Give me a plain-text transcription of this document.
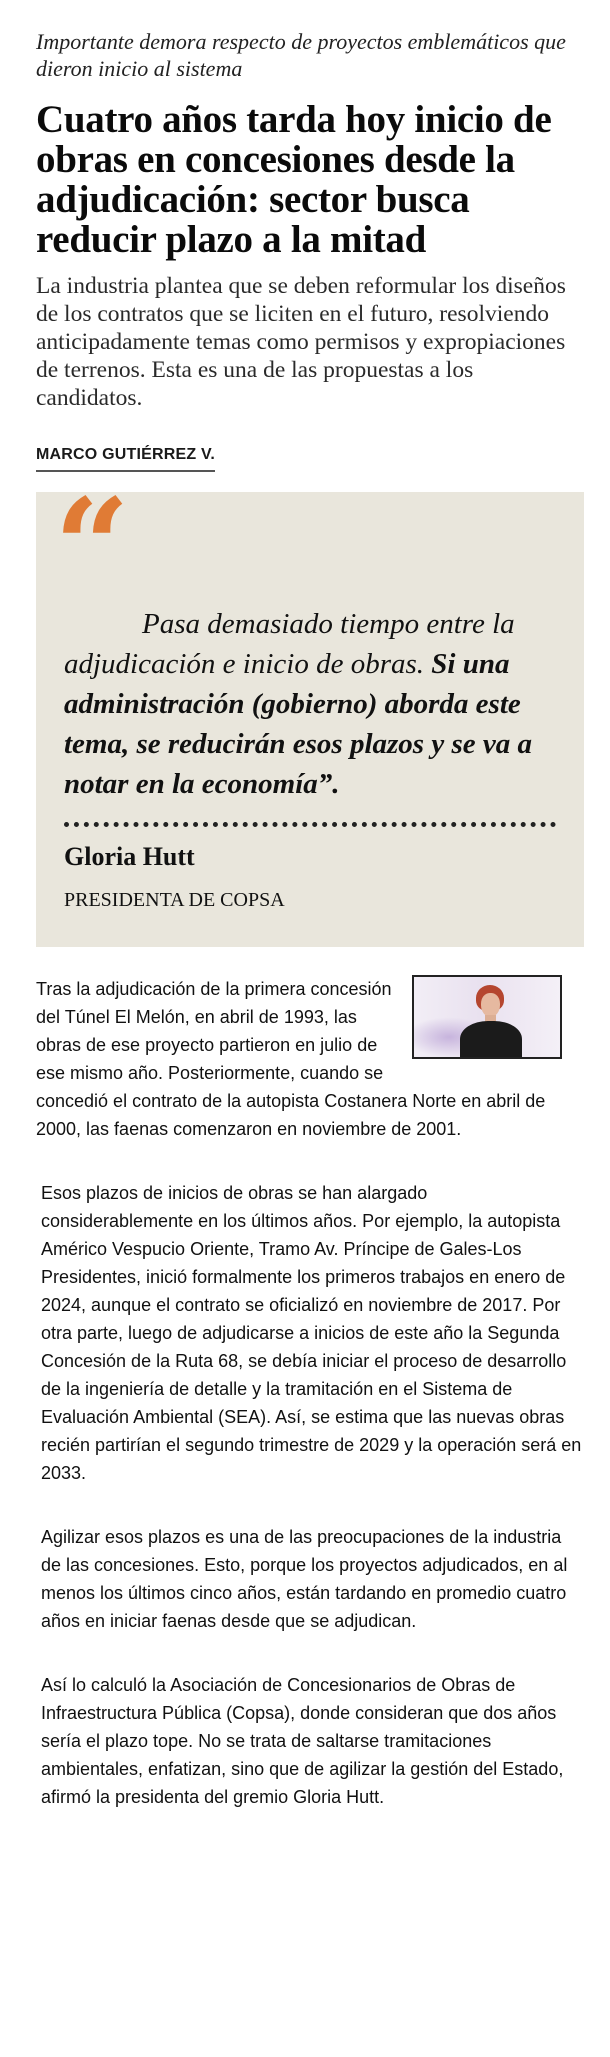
Importante demora respecto de proyectos emblemáticos que dieron inicio al sistema

Cuatro años tarda hoy inicio de obras en concesiones desde la adjudicación: sector busca reducir plazo a la mitad

La industria plantea que se deben reformular los diseños de los contratos que se liciten en el futuro, resolviendo anticipadamente temas como permisos y expropiaciones de terrenos. Esta es una de las propuestas a los candidatos.

MARCO GUTIÉRREZ V.
“ Pasa demasiado tiempo entre la adjudicación e inicio de obras. Si una administración (gobierno) aborda este tema, se reducirán esos plazos y se va a notar en la economía”.

Gloria Hutt

PRESIDENTA DE COPSA

Tras la adjudicación de la primera concesión del Túnel El Melón, en abril de 1993, las obras de ese proyecto partieron en julio de ese mismo año. Posteriormente, cuando se concedió el contrato de la autopista Costanera Norte en abril de 2000, las faenas comenzaron en noviembre de 2001.

Esos plazos de inicios de obras se han alargado considerablemente en los últimos años. Por ejemplo, la autopista Américo Vespucio Oriente, Tramo Av. Príncipe de Gales-Los Presidentes, inició formalmente los primeros trabajos en enero de 2024, aunque el contrato se oficializó en noviembre de 2017. Por otra parte, luego de adjudicarse a inicios de este año la Segunda Concesión de la Ruta 68, se debía iniciar el proceso de desarrollo de la ingeniería de detalle y la tramitación en el Sistema de Evaluación Ambiental (SEA). Así, se estima que las nuevas obras recién partirían el segundo trimestre de 2029 y la operación será en 2033.

Agilizar esos plazos es una de las preocupaciones de la industria de las concesiones. Esto, porque los proyectos adjudicados, en al menos los últimos cinco años, están tardando en promedio cuatro años en iniciar faenas desde que se adjudican.

Así lo calculó la Asociación de Concesionarios de Obras de Infraestructura Pública (Copsa), donde consideran que dos años sería el plazo tope. No se trata de saltarse tramitaciones ambientales, enfatizan, sino que de agilizar la gestión del Estado, afirmó la presidenta del gremio Gloria Hutt.
